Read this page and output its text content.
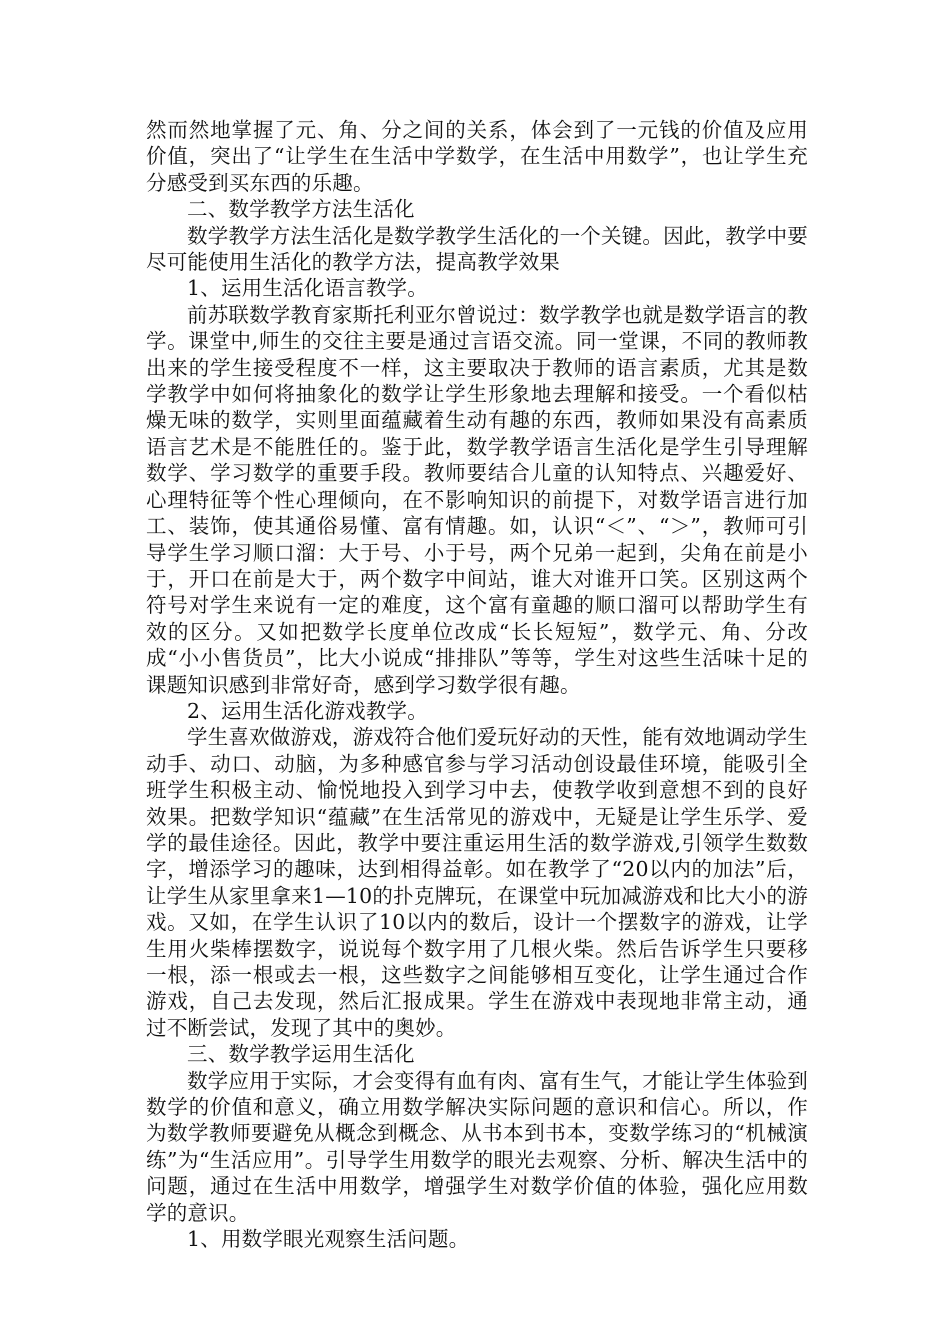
然而然地掌握了元、角、分之间的关系，体会到了一元钱的价值及应用价值，突出了“让学生在生活中学数学，在生活中用数学”，也让学生充分感受到买东西的乐趣。

二、数学教学方法生活化

数学教学方法生活化是数学教学生活化的一个关键。因此，教学中要尽可能使用生活化的教学方法，提高教学效果

1、运用生活化语言教学。

前苏联数学教育家斯托利亚尔曾说过：数学教学也就是数学语言的教学。课堂中,师生的交往主要是通过言语交流。同一堂课，不同的教师教出来的学生接受程度不一样，这主要取决于教师的语言素质，尤其是数学教学中如何将抽象化的数学让学生形象地去理解和接受。一个看似枯燥无味的数学，实则里面蕴藏着生动有趣的东西，教师如果没有高素质语言艺术是不能胜任的。鉴于此，数学教学语言生活化是学生引导理解数学、学习数学的重要手段。教师要结合儿童的认知特点、兴趣爱好、心理特征等个性心理倾向，在不影响知识的前提下，对数学语言进行加工、装饰，使其通俗易懂、富有情趣。如，认识“＜”、“＞”，教师可引导学生学习顺口溜：大于号、小于号，两个兄弟一起到，尖角在前是小于，开口在前是大于，两个数字中间站，谁大对谁开口笑。区别这两个符号对学生来说有一定的难度，这个富有童趣的顺口溜可以帮助学生有效的区分。又如把数学长度单位改成“长长短短”，数学元、角、分改成“小小售货员”，比大小说成“排排队”等等，学生对这些生活味十足的课题知识感到非常好奇，感到学习数学很有趣。

2、运用生活化游戏教学。

学生喜欢做游戏，游戏符合他们爱玩好动的天性，能有效地调动学生动手、动口、动脑，为多种感官参与学习活动创设最佳环境，能吸引全班学生积极主动、愉悦地投入到学习中去，使教学收到意想不到的良好效果。把数学知识“蕴藏”在生活常见的游戏中，无疑是让学生乐学、爱学的最佳途径。因此，教学中要注重运用生活的数学游戏,引领学生数数字，增添学习的趣味，达到相得益彰。如在教学了“20以内的加法”后，让学生从家里拿来1—10的扑克牌玩，在课堂中玩加减游戏和比大小的游戏。又如，在学生认识了10以内的数后，设计一个摆数字的游戏，让学生用火柴棒摆数字，说说每个数字用了几根火柴。然后告诉学生只要移一根，添一根或去一根，这些数字之间能够相互变化，让学生通过合作游戏，自己去发现，然后汇报成果。学生在游戏中表现地非常主动，通过不断尝试，发现了其中的奥妙。

三、数学教学运用生活化

数学应用于实际，才会变得有血有肉、富有生气，才能让学生体验到数学的价值和意义，确立用数学解决实际问题的意识和信心。所以，作为数学教师要避免从概念到概念、从书本到书本，变数学练习的“机械演练”为“生活应用”。引导学生用数学的眼光去观察、分析、解决生活中的问题，通过在生活中用数学，增强学生对数学价值的体验，强化应用数学的意识。

1、用数学眼光观察生活问题。
